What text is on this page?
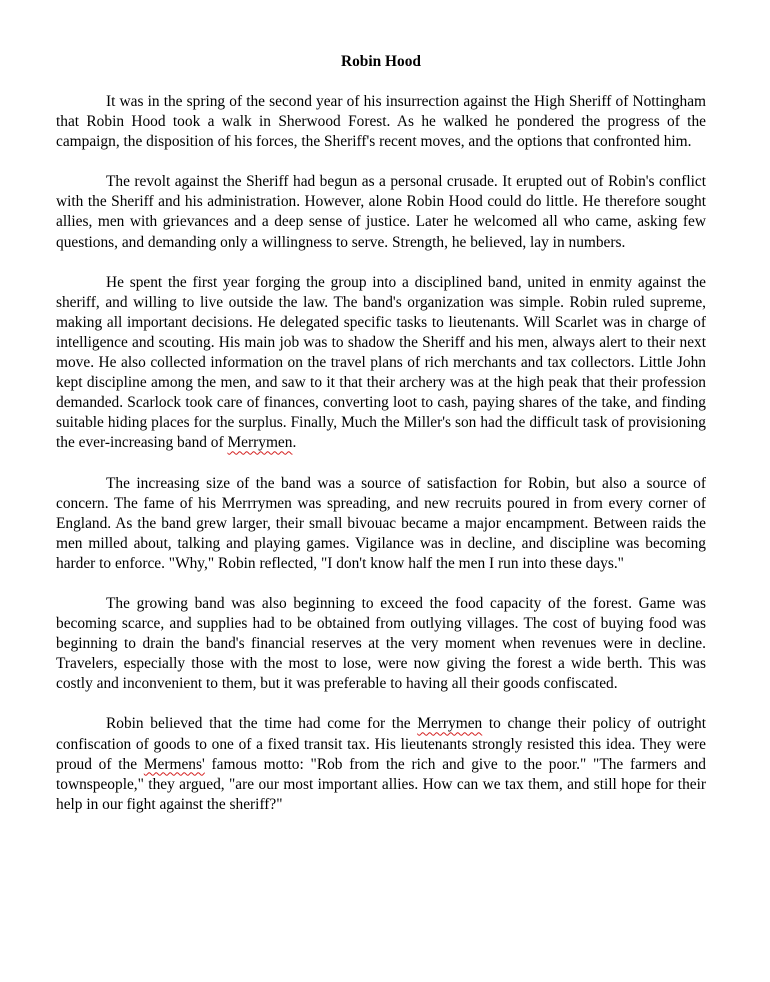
Robin Hood

It was in the spring of the second year of his insurrection against the High Sheriff of Nottingham that Robin Hood took a walk in Sherwood Forest. As he walked he pondered the progress of the campaign, the disposition of his forces, the Sheriff's recent moves, and the options that confronted him.

The revolt against the Sheriff had begun as a personal crusade. It erupted out of Robin's conflict with the Sheriff and his administration. However, alone Robin Hood could do little. He therefore sought allies, men with grievances and a deep sense of justice. Later he welcomed all who came, asking few questions, and demanding only a willingness to serve. Strength, he believed, lay in numbers.

He spent the first year forging the group into a disciplined band, united in enmity against the sheriff, and willing to live outside the law. The band's organization was simple. Robin ruled supreme, making all important decisions. He delegated specific tasks to lieutenants. Will Scarlet was in charge of intelligence and scouting. His main job was to shadow the Sheriff and his men, always alert to their next move. He also collected information on the travel plans of rich merchants and tax collectors. Little John kept discipline among the men, and saw to it that their archery was at the high peak that their profession demanded. Scarlock took care of finances, converting loot to cash, paying shares of the take, and finding suitable hiding places for the surplus. Finally, Much the Miller's son had the difficult task of provisioning the ever-increasing band of Merrymen.

The increasing size of the band was a source of satisfaction for Robin, but also a source of concern. The fame of his Merrrymen was spreading, and new recruits poured in from every corner of England. As the band grew larger, their small bivouac became a major encampment. Between raids the men milled about, talking and playing games. Vigilance was in decline, and discipline was becoming harder to enforce. "Why," Robin reflected, "I don't know half the men I run into these days."

The growing band was also beginning to exceed the food capacity of the forest. Game was becoming scarce, and supplies had to be obtained from outlying villages. The cost of buying food was beginning to drain the band's financial reserves at the very moment when revenues were in decline. Travelers, especially those with the most to lose, were now giving the forest a wide berth. This was costly and inconvenient to them, but it was preferable to having all their goods confiscated.

Robin believed that the time had come for the Merrymen to change their policy of outright confiscation of goods to one of a fixed transit tax. His lieutenants strongly resisted this idea. They were proud of the Mermens' famous motto: "Rob from the rich and give to the poor." "The farmers and townspeople," they argued, "are our most important allies. How can we tax them, and still hope for their help in our fight against the sheriff?"
